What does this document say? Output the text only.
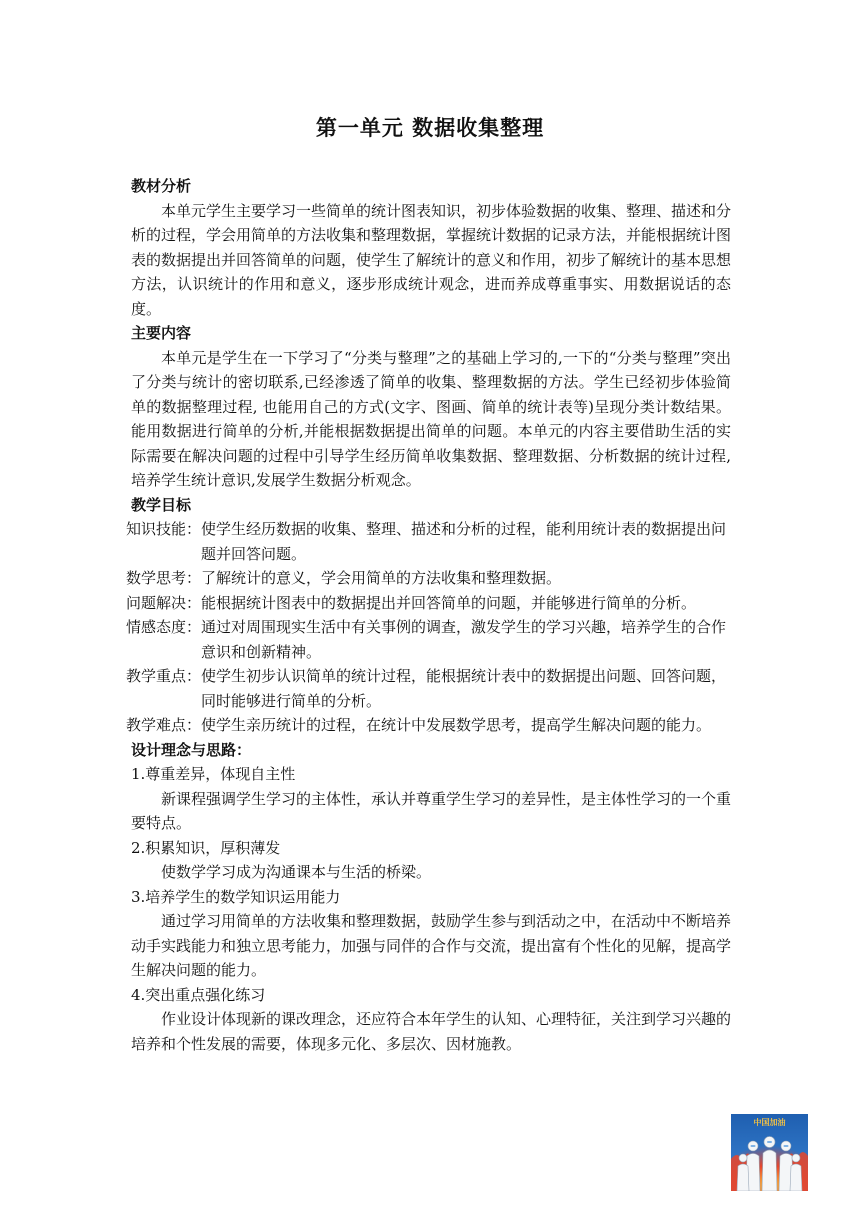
第一单元 数据收集整理

教材分析

本单元学生主要学习一些简单的统计图表知识，初步体验数据的收集、整理、描述和分析的过程，学会用简单的方法收集和整理数据，掌握统计数据的记录方法，并能根据统计图表的数据提出并回答简单的问题，使学生了解统计的意义和作用，初步了解统计的基本思想方法，认识统计的作用和意义，逐步形成统计观念，进而养成尊重事实、用数据说话的态度。

主要内容

本单元是学生在一下学习了“分类与整理”之的基础上学习的,一下的“分类与整理”突出了分类与统计的密切联系,已经渗透了简单的收集、整理数据的方法。学生已经初步体验简单的数据整理过程, 也能用自己的方式(文字、图画、简单的统计表等)呈现分类计数结果。能用数据进行简单的分析,并能根据数据提出简单的问题。本单元的内容主要借助生活的实际需要在解决问题的过程中引导学生经历简单收集数据、整理数据、分析数据的统计过程, 培养学生统计意识,发展学生数据分析观念。

教学目标

知识技能： 使学生经历数据的收集、整理、描述和分析的过程，能利用统计表的数据提出问题并回答问题。
数学思考： 了解统计的意义，学会用简单的方法收集和整理数据。
问题解决： 能根据统计图表中的数据提出并回答简单的问题，并能够进行简单的分析。
情感态度： 通过对周围现实生活中有关事例的调查，激发学生的学习兴趣，培养学生的合作意识和创新精神。
教学重点： 使学生初步认识简单的统计过程，能根据统计表中的数据提出问题、回答问题，同时能够进行简单的分析。
教学难点： 使学生亲历统计的过程，在统计中发展数学思考，提高学生解决问题的能力。

设计理念与思路：

1.尊重差异，体现自主性

新课程强调学生学习的主体性，承认并尊重学生学习的差异性，是主体性学习的一个重要特点。

2.积累知识，厚积薄发

使数学学习成为沟通课本与生活的桥梁。

3.培养学生的数学知识运用能力

通过学习用简单的方法收集和整理数据，鼓励学生参与到活动之中，在活动中不断培养动手实践能力和独立思考能力，加强与同伴的合作与交流，提出富有个性化的见解，提高学生解决问题的能力。

4.突出重点强化练习

作业设计体现新的课改理念，还应符合本年学生的认知、心理特征，关注到学习兴趣的培养和个性发展的需要，体现多元化、多层次、因材施教。

中国加油
